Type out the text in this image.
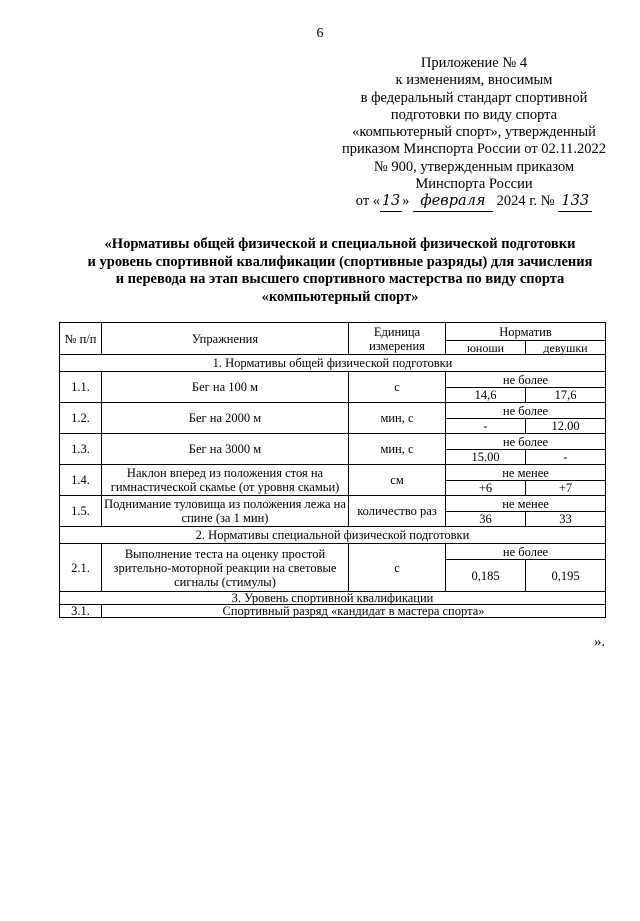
6
Приложение № 4
к изменениям, вносимым
в федеральный стандарт спортивной
подготовки по виду спорта
«компьютерный спорт», утвержденный
приказом Минспорта России от 02.11.2022
№ 900, утвержденным приказом
Минспорта России
от « 13 » февраля 2024 г. № 133
«Нормативы общей физической и специальной физической подготовки
и уровень спортивной квалификации (спортивные разряды) для зачисления
и перевода на этап высшего спортивного мастерства по виду спорта
«компьютерный спорт»
№ п/п	Упражнения	Единица измерения	Норматив	
			юноши	девушки
1. Нормативы общей физической подготовки				
1.1.	Бег на 100 м	с	не более	
			14,6	17,6
1.2.	Бег на 2000 м	мин, с	не более	
			-	12.00
1.3.	Бег на 3000 м	мин, с	не более	
			15.00	-
1.4.	Наклон вперед из положения стоя на гимнастической скамье (от уровня скамьи)	см	не менее	
			+6	+7
1.5.	Поднимание туловища из положения лежа на спине (за 1 мин)	количество раз	не менее	
			36	33
2. Нормативы специальной физической подготовки				
2.1.	Выполнение теста на оценку простой зрительно-моторной реакции на световые сигналы (стимулы)	с	не более	
			0,185	0,195
3. Уровень спортивной квалификации				
3.1.	Спортивный разряд «кандидат в мастера спорта»			
».
